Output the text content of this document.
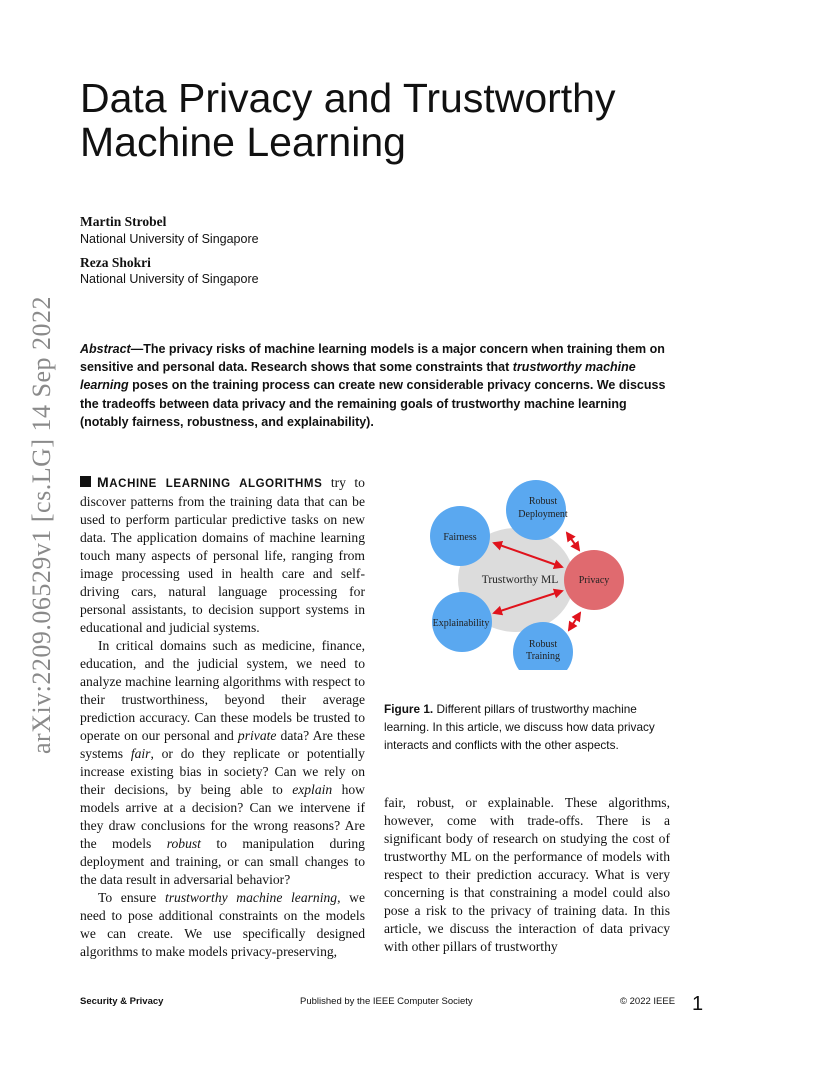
arXiv:2209.06529v1 [cs.LG] 14 Sep 2022
Data Privacy and Trustworthy Machine Learning
Martin Strobel
National University of Singapore
Reza Shokri
National University of Singapore
Abstract—The privacy risks of machine learning models is a major concern when training them on sensitive and personal data. Research shows that some constraints that trustworthy machine learning poses on the training process can create new considerable privacy concerns. We discuss the tradeoffs between data privacy and the remaining goals of trustworthy machine learning (notably fairness, robustness, and explainability).

MACHINE LEARNING ALGORITHMS try to discover patterns from the training data that can be used to perform particular predictive tasks on new data. The application domains of machine learning touch many aspects of personal life, ranging from image processing used in health care and self-driving cars, natural language processing for personal assistants, to decision support systems in educational and judicial systems.

In critical domains such as medicine, finance, education, and the judicial system, we need to analyze machine learning algorithms with respect to their trustworthiness, beyond their average prediction accuracy. Can these models be trusted to operate on our personal and private data? Are these systems fair, or do they replicate or potentially increase existing bias in society? Can we rely on their decisions, by being able to explain how models arrive at a decision? Can we intervene if they draw conclusions for the wrong reasons? Are the models robust to manipulation during deployment and training, or can small changes to the data result in adversarial behavior?

To ensure trustworthy machine learning, we need to pose additional constraints on the models we can create. We use specifically designed algorithms to make models privacy-preserving,

Robust
Deployment
Fairness
Trustworthy ML Privacy
Explainability
Robust
Training
Figure 1. Different pillars of trustworthy machine learning. In this article, we discuss how data privacy interacts and conflicts with the other aspects.

fair, robust, or explainable. These algorithms, however, come with trade-offs. There is a significant body of research on studying the cost of trustworthy ML on the performance of models with respect to their prediction accuracy. What is very concerning is that constraining a model could also pose a risk to the privacy of training data. In this article, we discuss the interaction of data privacy with other pillars of trustworthy

Security & Privacy	Published by the IEEE Computer Society	© 2022 IEEE 1
